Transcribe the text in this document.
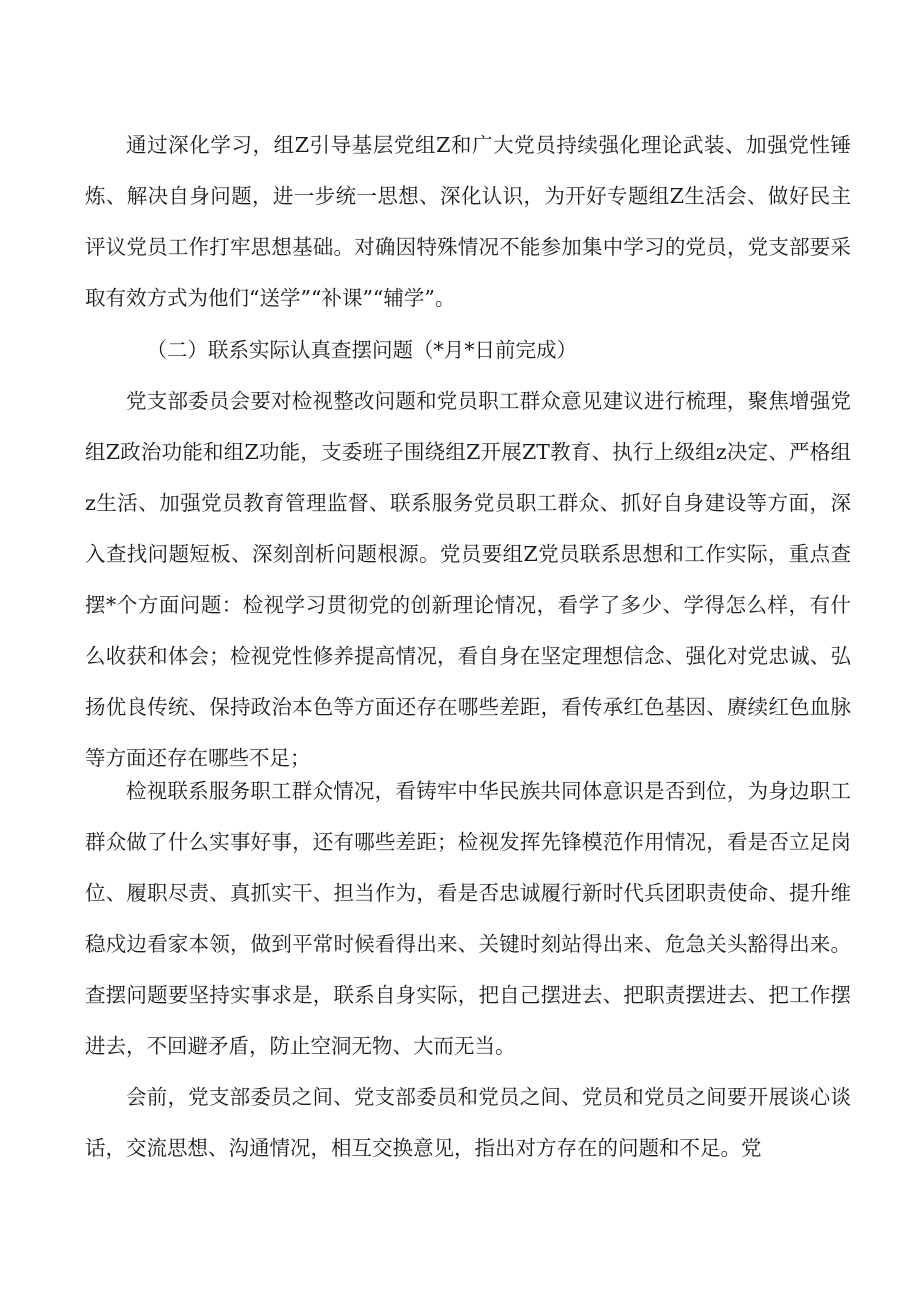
通过深化学习，组Z引导基层党组Z和广大党员持续强化理论武装、加强党性锤炼、解决自身问题，进一步统一思想、深化认识，为开好专题组Z生活会、做好民主评议党员工作打牢思想基础。对确因特殊情况不能参加集中学习的党员，党支部要采取有效方式为他们“送学”“补课”“辅学”。

（二）联系实际认真查摆问题（*月*日前完成）

党支部委员会要对检视整改问题和党员职工群众意见建议进行梳理，聚焦增强党组Z政治功能和组Z功能，支委班子围绕组Z开展ZT教育、执行上级组z决定、严格组z生活、加强党员教育管理监督、联系服务党员职工群众、抓好自身建设等方面，深入查找问题短板、深刻剖析问题根源。党员要组Z党员联系思想和工作实际，重点查摆*个方面问题：检视学习贯彻党的创新理论情况，看学了多少、学得怎么样，有什么收获和体会；检视党性修养提高情况，看自身在坚定理想信念、强化对党忠诚、弘扬优良传统、保持政治本色等方面还存在哪些差距，看传承红色基因、赓续红色血脉等方面还存在哪些不足；

检视联系服务职工群众情况，看铸牢中华民族共同体意识是否到位，为身边职工群众做了什么实事好事，还有哪些差距；检视发挥先锋模范作用情况，看是否立足岗位、履职尽责、真抓实干、担当作为，看是否忠诚履行新时代兵团职责使命、提升维稳戍边看家本领，做到平常时候看得出来、关键时刻站得出来、危急关头豁得出来。查摆问题要坚持实事求是，联系自身实际，把自己摆进去、把职责摆进去、把工作摆进去，不回避矛盾，防止空洞无物、大而无当。

会前，党支部委员之间、党支部委员和党员之间、党员和党员之间要开展谈心谈话，交流思想、沟通情况，相互交换意见，指出对方存在的问题和不足。党
